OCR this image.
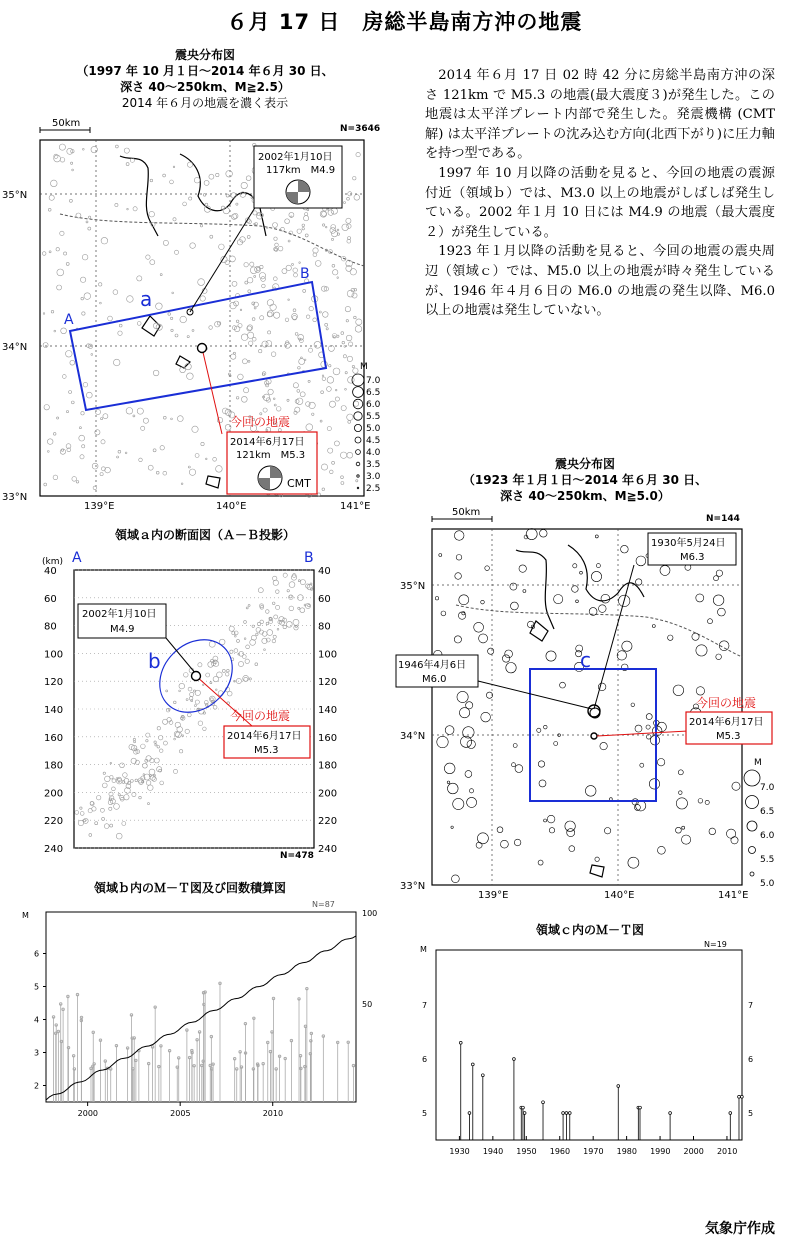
６月 17 日　房総半島南方沖の地震
震央分布図
（1997 年 10 月１日～2014 年６月 30 日、
深さ 40～250km、M≧2.5）
2014 年６月の地震を濃く表示

2014 年６月 17 日 02 時 42 分に房総半島南方沖の深さ 121km で M5.3 の地震(最大震度３)が発生した。この地震は太平洋プレート内部で発生した。発震機構 (CMT 解) は太平洋プレートの沈み込む方向(北西下がり)に圧力軸を持つ型である。

1997 年 10 月以降の活動を見ると、今回の地震の震源付近（領域ｂ）では、M3.0 以上の地震がしばしば発生している。2002 年１月 10 日には M4.9 の地震（最大震度２）が発生している。

1923 年１月以降の活動を見ると、今回の地震の震央周辺（領域ｃ）では、M5.0 以上の地震が時々発生しているが、1946 年４月６日の M6.0 の地震の発生以降、M6.0 以上の地震は発生していない。

50km	N=3646
a
A
B
2002年1月10日
117km　M4.9
今回の地震
2014年6月17日
121km　M5.3
CMT
35°N
34°N
33°N
139°E	140°E	141°E
M
7.0
6.5
6.0
5.5
5.0
4.5
4.0
3.5
3.0
2.5
領域ａ内の断面図（Ａ－Ｂ投影）
(km) A	B
40	40
60	60
80	80
100	100
120	120
140	140
160	160
180	180
200	200
220	220
240	240
b
2002年1月10日
M4.9
今回の地震
2014年6月17日
M5.3
N=478
震央分布図
（1923 年１月１日～2014 年６月 30 日、
深さ 40～250km、M≧5.0）
50km
N=144
c
1930年5月24日
M6.3
1946年4月6日
M6.0
今回の地震
2014年6月17日
M5.3
35°N
34°N
33°N
139°E	140°E	141°E
M
7.0
6.5
6.0
5.5
5.0
領域ｂ内のＭ－Ｔ図及び回数積算図
N=87
M
2
3
4
5
6
100
50
2000	2005	2010
領域ｃ内のＭ－Ｔ図
N=19
M
5	5
6	6
7	7
1930 1940 1950 1960 1970 1980 1990 2000 2010
気象庁作成
